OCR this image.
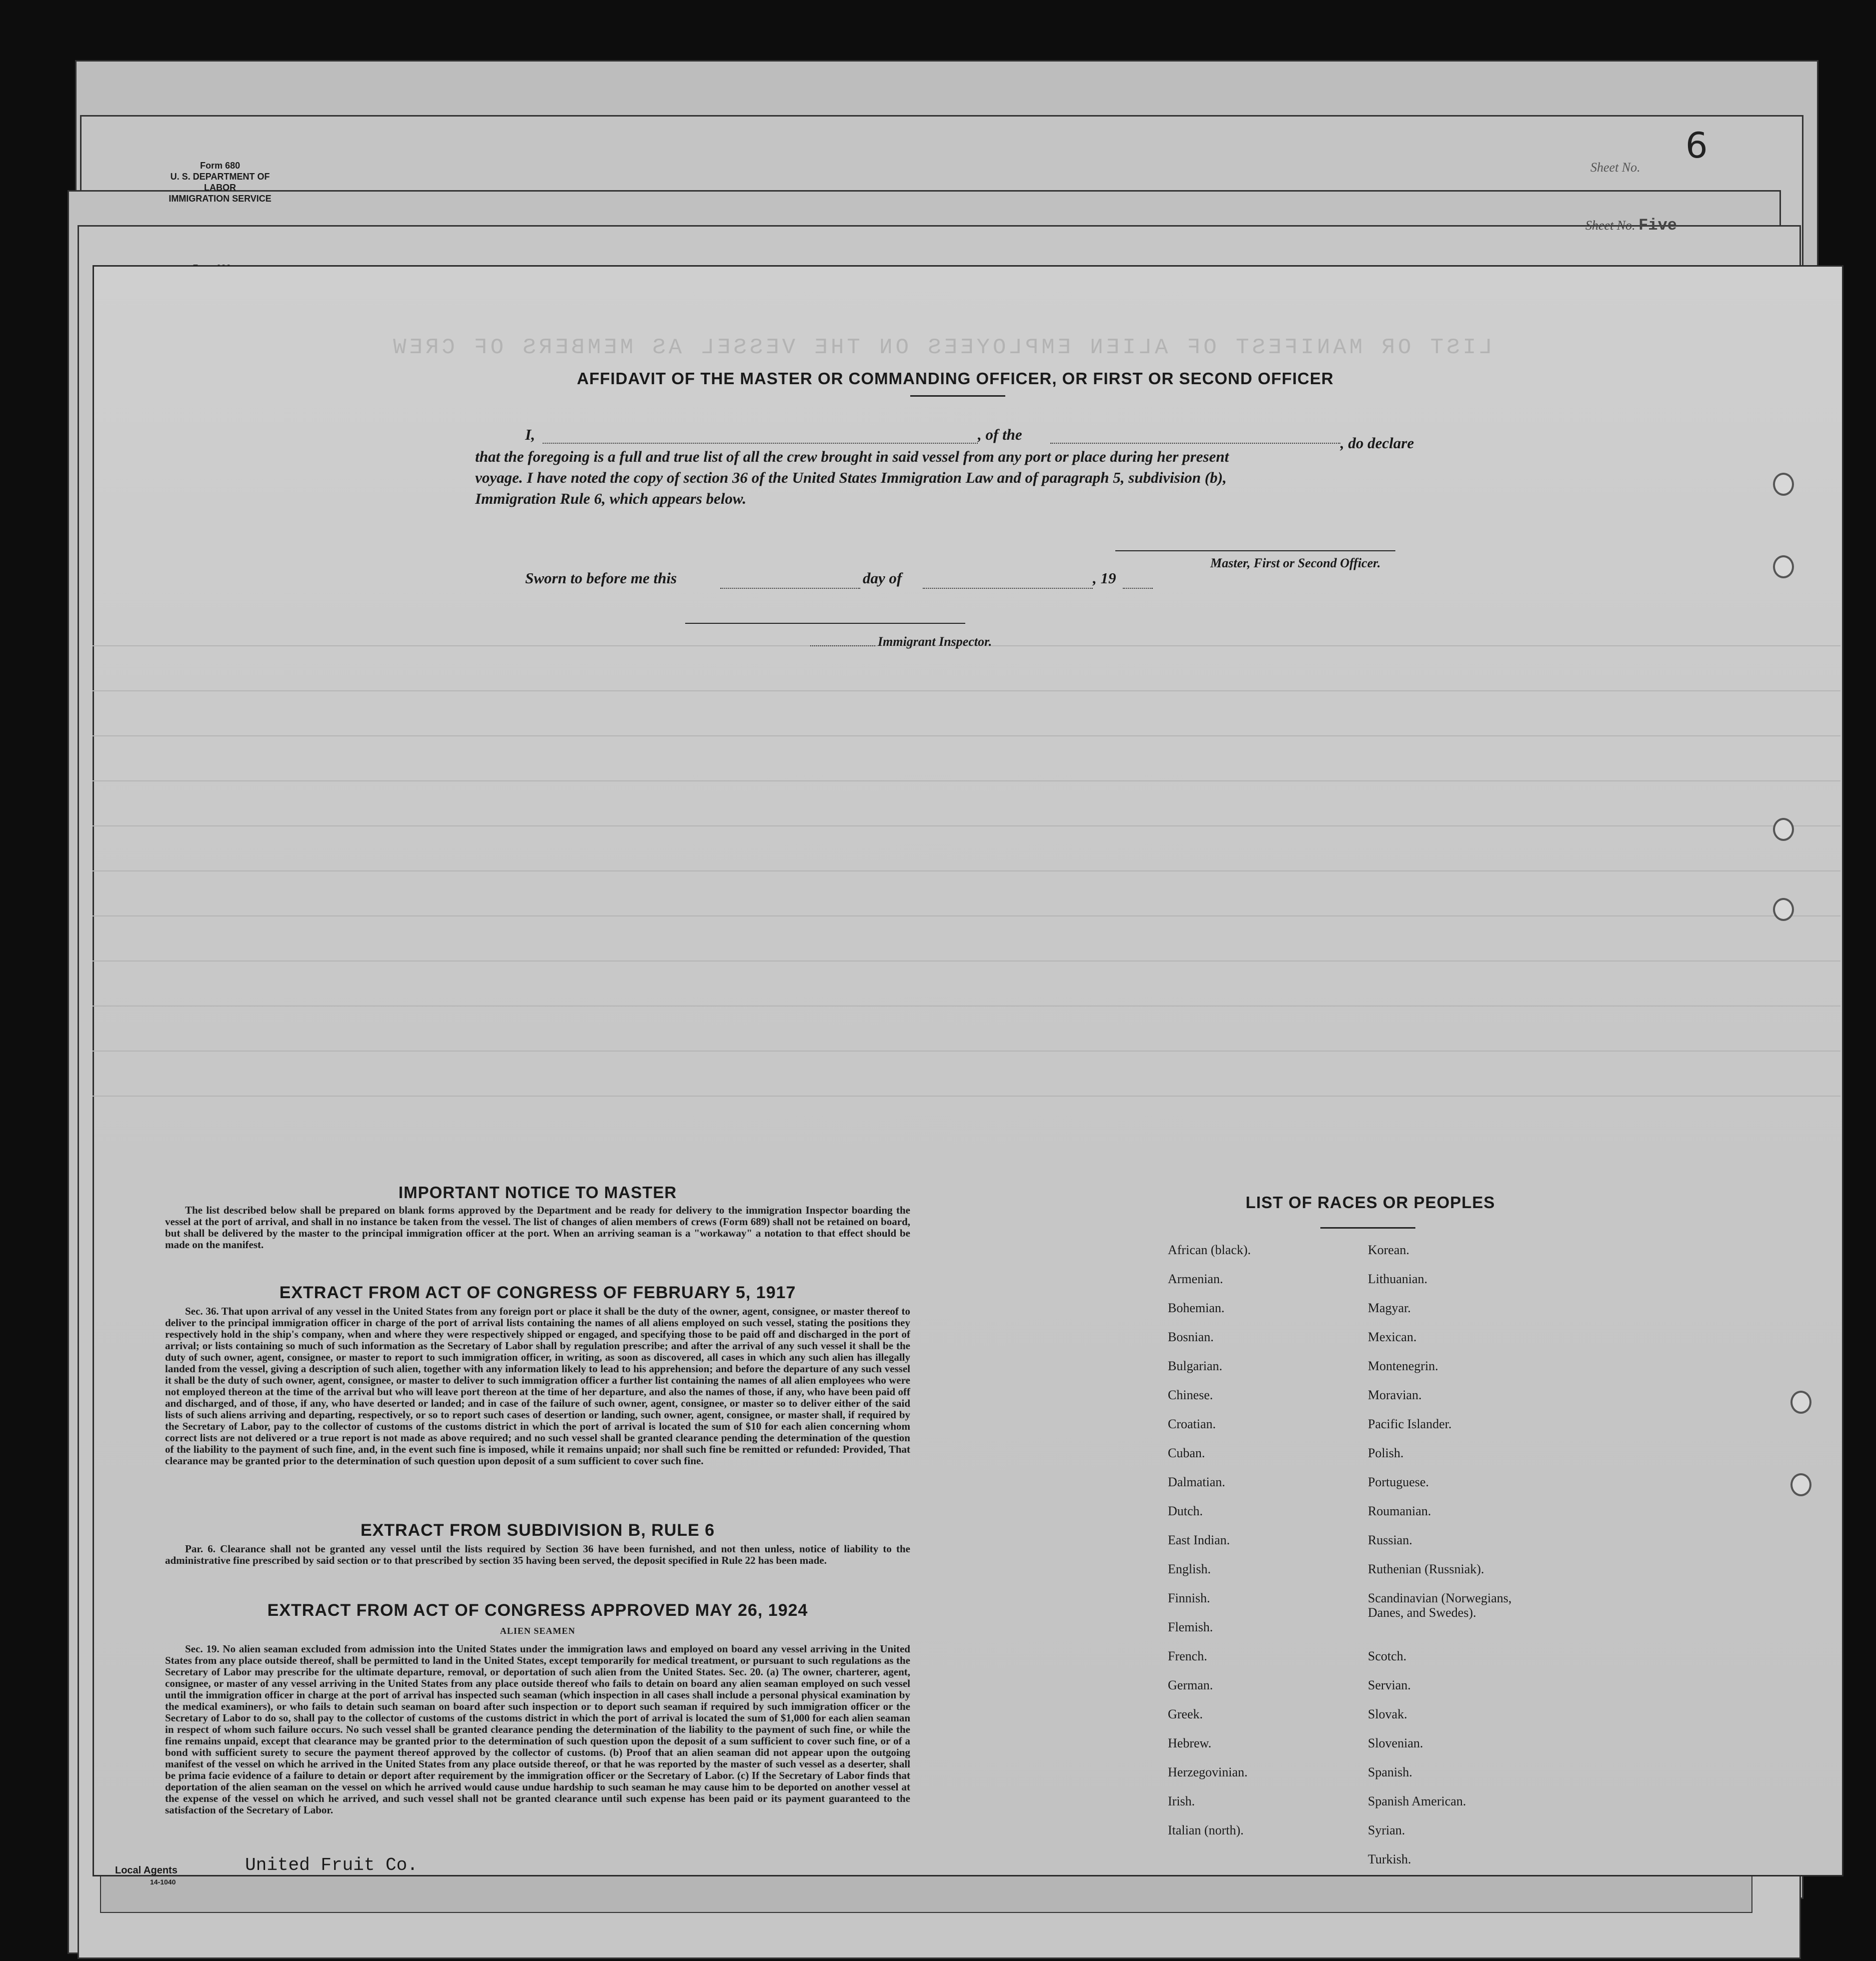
Form 680
U. S. DEPARTMENT OF LABOR
IMMIGRATION SERVICE
Sheet No.
6
Sheet No. Five
LIST OR MANIFEST OF ALIEN EMPLOYEES ON THE VESSEL AS MEMBERS OF CREW
AFFIDAVIT OF THE MASTER OR COMMANDING OFFICER, OR FIRST OR SECOND OFFICER
I,	, of the	, do declare
that the foregoing is a full and true list of all the crew brought in said vessel from any port or place during her present
voyage. I have noted the copy of section 36 of the United States Immigration Law and of paragraph 5, subdivision (b),
Immigration Rule 6, which appears below.
Master, First or Second Officer.
Sworn to before me this	day of	, 19
Immigrant Inspector.
IMPORTANT NOTICE TO MASTER
The list described below shall be prepared on blank forms approved by the Department and be ready for delivery to the immigration Inspector boarding the vessel at the port of arrival, and shall in no instance be taken from the vessel. The list of changes of alien members of crews (Form 689) shall not be retained on board, but shall be delivered by the master to the principal immigration officer at the port. When an arriving seaman is a "workaway" a notation to that effect should be made on the manifest.
EXTRACT FROM ACT OF CONGRESS OF FEBRUARY 5, 1917
Sec. 36. That upon arrival of any vessel in the United States from any foreign port or place it shall be the duty of the owner, agent, consignee, or master thereof to deliver to the principal immigration officer in charge of the port of arrival lists containing the names of all aliens employed on such vessel, stating the positions they respectively hold in the ship's company, when and where they were respectively shipped or engaged, and specifying those to be paid off and discharged in the port of arrival; or lists containing so much of such information as the Secretary of Labor shall by regulation prescribe; and after the arrival of any such vessel it shall be the duty of such owner, agent, consignee, or master to report to such immigration officer, in writing, as soon as discovered, all cases in which any such alien has illegally landed from the vessel, giving a description of such alien, together with any information likely to lead to his apprehension; and before the departure of any such vessel it shall be the duty of such owner, agent, consignee, or master to deliver to such immigration officer a further list containing the names of all alien employees who were not employed thereon at the time of the arrival but who will leave port thereon at the time of her departure, and also the names of those, if any, who have been paid off and discharged, and of those, if any, who have deserted or landed; and in case of the failure of such owner, agent, consignee, or master so to deliver either of the said lists of such aliens arriving and departing, respectively, or so to report such cases of desertion or landing, such owner, agent, consignee, or master shall, if required by the Secretary of Labor, pay to the collector of customs of the customs district in which the port of arrival is located the sum of $10 for each alien concerning whom correct lists are not delivered or a true report is not made as above required; and no such vessel shall be granted clearance pending the determination of the question of the liability to the payment of such fine, and, in the event such fine is imposed, while it remains unpaid; nor shall such fine be remitted or refunded: Provided, That clearance may be granted prior to the determination of such question upon deposit of a sum sufficient to cover such fine.
EXTRACT FROM SUBDIVISION B, RULE 6
Par. 6. Clearance shall not be granted any vessel until the lists required by Section 36 have been furnished, and not then unless, notice of liability to the administrative fine prescribed by said section or to that prescribed by section 35 having been served, the deposit specified in Rule 22 has been made.
EXTRACT FROM ACT OF CONGRESS APPROVED MAY 26, 1924
ALIEN SEAMEN
Sec. 19. No alien seaman excluded from admission into the United States under the immigration laws and employed on board any vessel arriving in the United States from any place outside thereof, shall be permitted to land in the United States, except temporarily for medical treatment, or pursuant to such regulations as the Secretary of Labor may prescribe for the ultimate departure, removal, or deportation of such alien from the United States. Sec. 20. (a) The owner, charterer, agent, consignee, or master of any vessel arriving in the United States from any place outside thereof who fails to detain on board any alien seaman employed on such vessel until the immigration officer in charge at the port of arrival has inspected such seaman (which inspection in all cases shall include a personal physical examination by the medical examiners), or who fails to detain such seaman on board after such inspection or to deport such seaman if required by such immigration officer or the Secretary of Labor to do so, shall pay to the collector of customs of the customs district in which the port of arrival is located the sum of $1,000 for each alien seaman in respect of whom such failure occurs. No such vessel shall be granted clearance pending the determination of the liability to the payment of such fine, or while the fine remains unpaid, except that clearance may be granted prior to the determination of such question upon the deposit of a sum sufficient to cover such fine, or of a bond with sufficient surety to secure the payment thereof approved by the collector of customs. (b) Proof that an alien seaman did not appear upon the outgoing manifest of the vessel on which he arrived in the United States from any place outside thereof, or that he was reported by the master of such vessel as a deserter, shall be prima facie evidence of a failure to detain or deport after requirement by the immigration officer or the Secretary of Labor. (c) If the Secretary of Labor finds that deportation of the alien seaman on the vessel on which he arrived would cause undue hardship to such seaman he may cause him to be deported on another vessel at the expense of the vessel on which he arrived, and such vessel shall not be granted clearance until such expense has been paid or its payment guaranteed to the satisfaction of the Secretary of Labor.
Local Agents
14-1040
United Fruit Co.
LIST OF RACES OR PEOPLES
African (black).
Armenian.
Bohemian.
Bosnian.
Bulgarian.
Chinese.
Croatian.
Cuban.
Dalmatian.
Dutch.
East Indian.
English.
Finnish.
Flemish.
French.
German.
Greek.
Hebrew.
Herzegovinian.
Irish.
Italian (north).
Korean.
Lithuanian.
Magyar.
Mexican.
Montenegrin.
Moravian.
Pacific Islander.
Polish.
Portuguese.
Roumanian.
Russian.
Ruthenian (Russniak).
Scandinavian (Norwegians,
Danes, and Swedes).
Scotch.
Servian.
Slovak.
Slovenian.
Spanish.
Spanish American.
Syrian.
Turkish.
